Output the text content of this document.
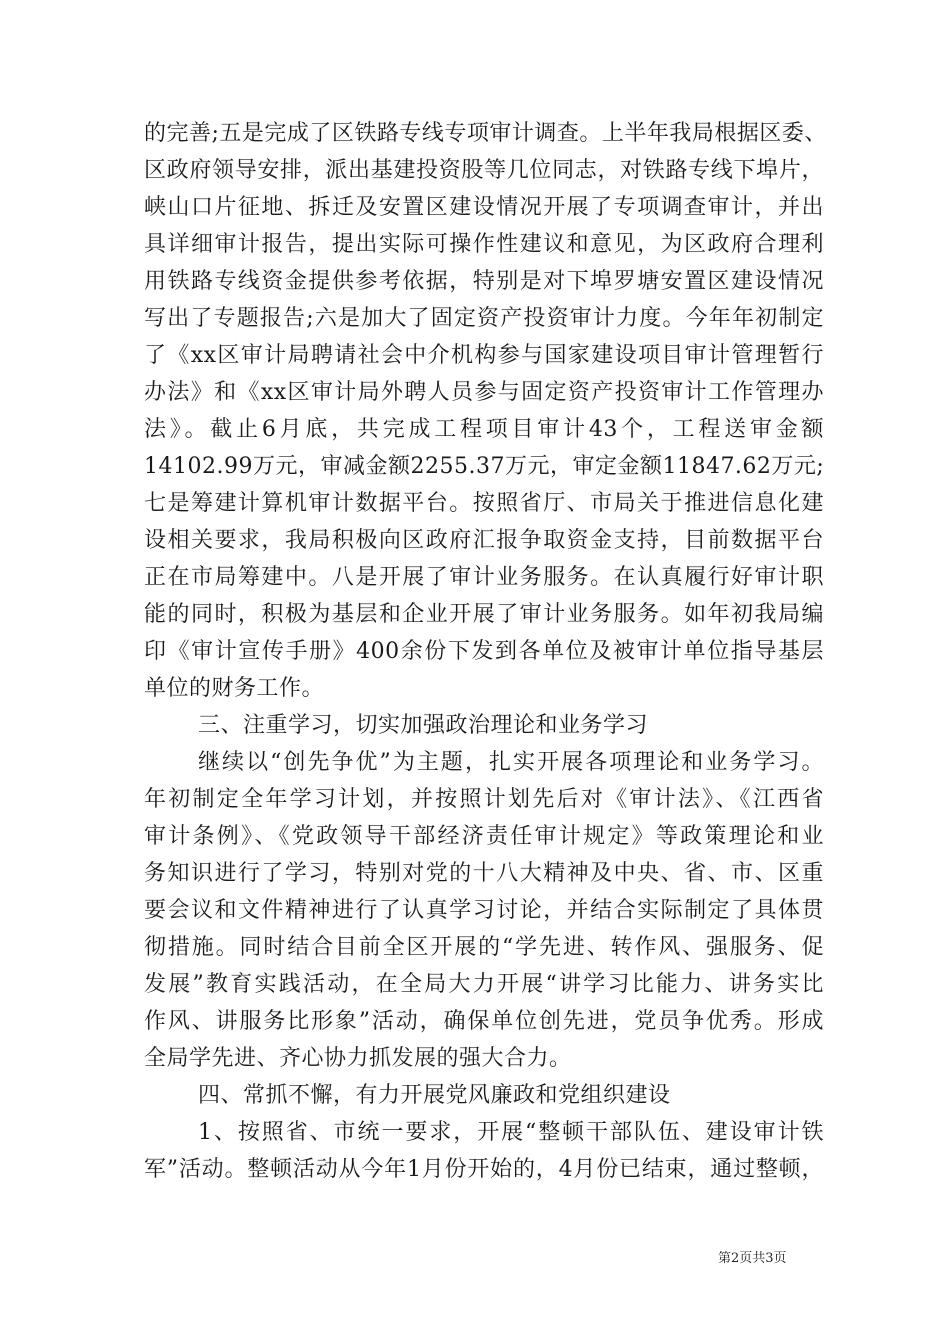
的完善;五是完成了区铁路专线专项审计调查。上半年我局根据区委、
区政府领导安排，派出基建投资股等几位同志，对铁路专线下埠片，
峡山口片征地、拆迁及安置区建设情况开展了专项调查审计，并出
具详细审计报告，提出实际可操作性建议和意见，为区政府合理利
用铁路专线资金提供参考依据，特别是对下埠罗塘安置区建设情况
写出了专题报告;六是加大了固定资产投资审计力度。今年年初制定
了《xx区审计局聘请社会中介机构参与国家建设项目审计管理暂行
办法》和《xx区审计局外聘人员参与固定资产投资审计工作管理办
法》。截止6月底，共完成工程项目审计43个，工程送审金额
14102.99万元，审减金额2255.37万元，审定金额11847.62万元;
七是筹建计算机审计数据平台。按照省厅、市局关于推进信息化建
设相关要求，我局积极向区政府汇报争取资金支持，目前数据平台
正在市局筹建中。八是开展了审计业务服务。在认真履行好审计职
能的同时，积极为基层和企业开展了审计业务服务。如年初我局编
印《审计宣传手册》400余份下发到各单位及被审计单位指导基层
单位的财务工作。
三、注重学习，切实加强政治理论和业务学习
继续以“创先争优”为主题，扎实开展各项理论和业务学习。
年初制定全年学习计划，并按照计划先后对《审计法》、《江西省
审计条例》、《党政领导干部经济责任审计规定》等政策理论和业
务知识进行了学习，特别对党的十八大精神及中央、省、市、区重
要会议和文件精神进行了认真学习讨论，并结合实际制定了具体贯
彻措施。同时结合目前全区开展的“学先进、转作风、强服务、促
发展”教育实践活动，在全局大力开展“讲学习比能力、讲务实比
作风、讲服务比形象”活动，确保单位创先进，党员争优秀。形成
全局学先进、齐心协力抓发展的强大合力。
四、常抓不懈，有力开展党风廉政和党组织建设
1、按照省、市统一要求，开展“整顿干部队伍、建设审计铁
军”活动。整顿活动从今年1月份开始的，4月份已结束，通过整顿，
第2页共3页
